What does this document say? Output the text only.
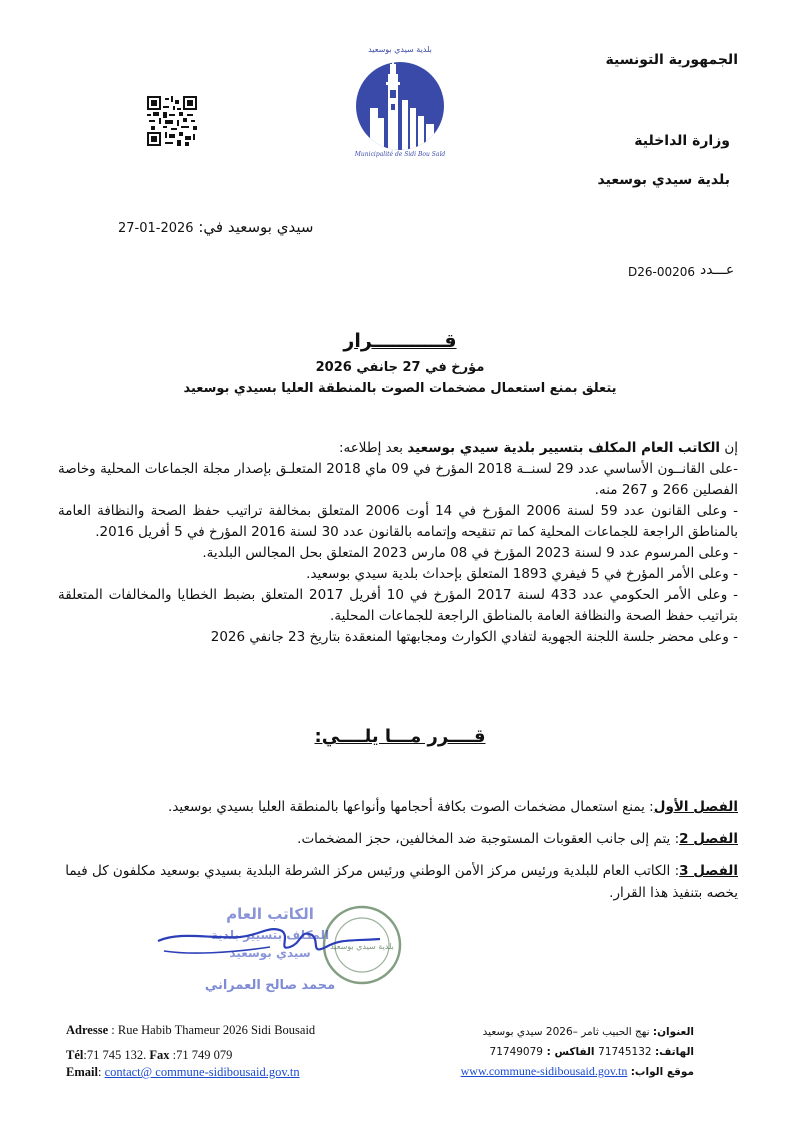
بلدية سيدي بوسعيد
Municipalité de Sidi Bou Saïd
الجمهورية التونسية
وزارة الداخلية
بلدية سيدي بوسعيد
27-01-2026 سيدي بوسعيد في:
عـــدد
D26-00206
قـــــــــــرار
مؤرخ في 27 جانفي 2026
يتعلق بمنع استعمال مضخمات الصوت بالمنطقة العليا بسيدي بوسعيد

إن الكاتب العام المكلف بتسيير بلدية سيدي بوسعيد بعد إطلاعه:

-على القانــون الأساسي عدد 29 لسنــة 2018 المؤرخ في 09 ماي 2018 المتعلـق بإصدار مجلة الجماعات المحلية وخاصة الفصلين 266 و 267 منه.

- وعلى القانون عدد 59 لسنة 2006 المؤرخ في 14 أوت 2006 المتعلق بمخالفة تراتيب حفظ الصحة والنظافة العامة بالمناطق الراجعة للجماعات المحلية كما تم تنقيحه وإتمامه بالقانون عدد 30 لسنة 2016 المؤرخ في 5 أفريل 2016.

- وعلى المرسوم عدد 9 لسنة 2023 المؤرخ في 08 مارس 2023 المتعلق بحل المجالس البلدية.

- وعلى الأمر المؤرخ في 5 فيفري 1893 المتعلق بإحداث بلدية سيدي بوسعيد.

- وعلى الأمر الحكومي عدد 433 لسنة 2017 المؤرخ في 10 أفريل 2017 المتعلق بضبط الخطايا والمخالفات المتعلقة بتراتيب حفظ الصحة والنظافة العامة بالمناطق الراجعة للجماعات المحلية.

- وعلى محضر جلسة اللجنة الجهوية لتفادي الكوارث ومجابهتها المنعقدة بتاريخ 23 جانفي 2026

قــــرر مـــا يلــــي:

الفصل الأول: يمنع استعمال مضخمات الصوت بكافة أحجامها وأنواعها بالمنطقة العليا بسيدي بوسعيد.

الفصل 2: يتم إلى جانب العقوبات المستوجبة ضد المخالفين، حجز المضخمات.

الفصل 3: الكاتب العام للبلدية ورئيس مركز الأمن الوطني ورئيس مركز الشرطة البلدية بسيدي بوسعيد مكلفون كل فيما يخصه بتنفيذ هذا القرار.

بلدية سيدي بوسعيد
الكاتب العام
المكلف بتسيير بلدية
سيدي بوسعيد
محمد صالح العمراني
Adresse : Rue Habib Thameur 2026 Sidi Bousaid
Tél:71 745 132. Fax :71 749 079
Email: contact@ commune-sidibousaid.gov.tn
العنوان: نهج الحبيب ثامر –2026 سيدي بوسعيد
الهاتف: 71745132 الفاكس : 71749079
موقع الواب: www.commune-sidibousaid.gov.tn
